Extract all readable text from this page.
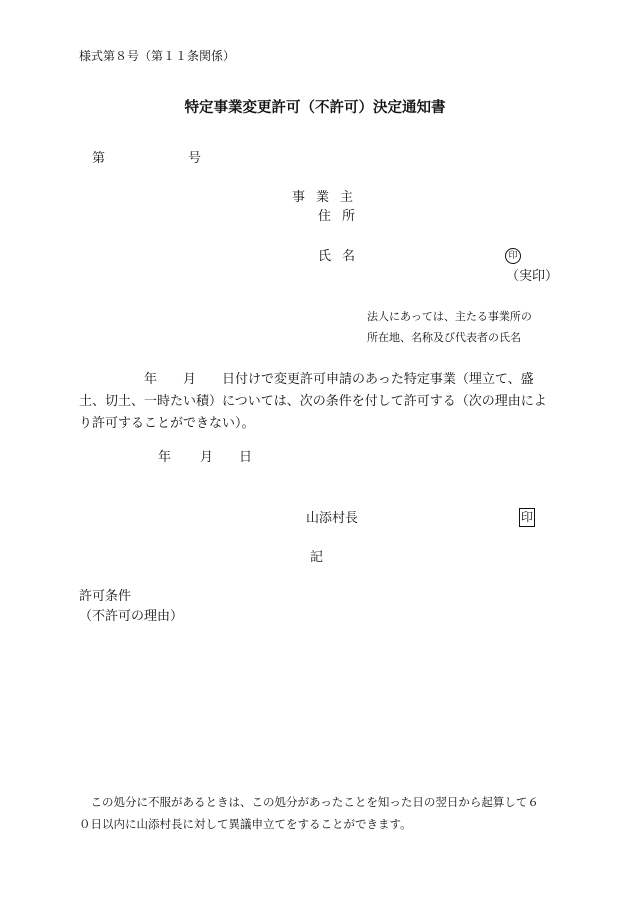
様式第８号（第１１条関係）
特定事業変更許可（不許可）決定通知書
第	号
事業主
住所
氏名	印
（実印）
法人にあっては、主たる事業所の
所在地、名称及び代表者の氏名
　　　　　年　　月　　日付けで変更許可申請のあった特定事業（埋立て、盛土、切土、一時たい積）については、次の条件を付して許可する（次の理由により許可することができない）。
年 月 日
山添村長	印
記
許可条件
（不許可の理由）
　この処分に不服があるときは、この処分があったことを知った日の翌日から起算して６０日以内に山添村長に対して異議申立てをすることができます。
